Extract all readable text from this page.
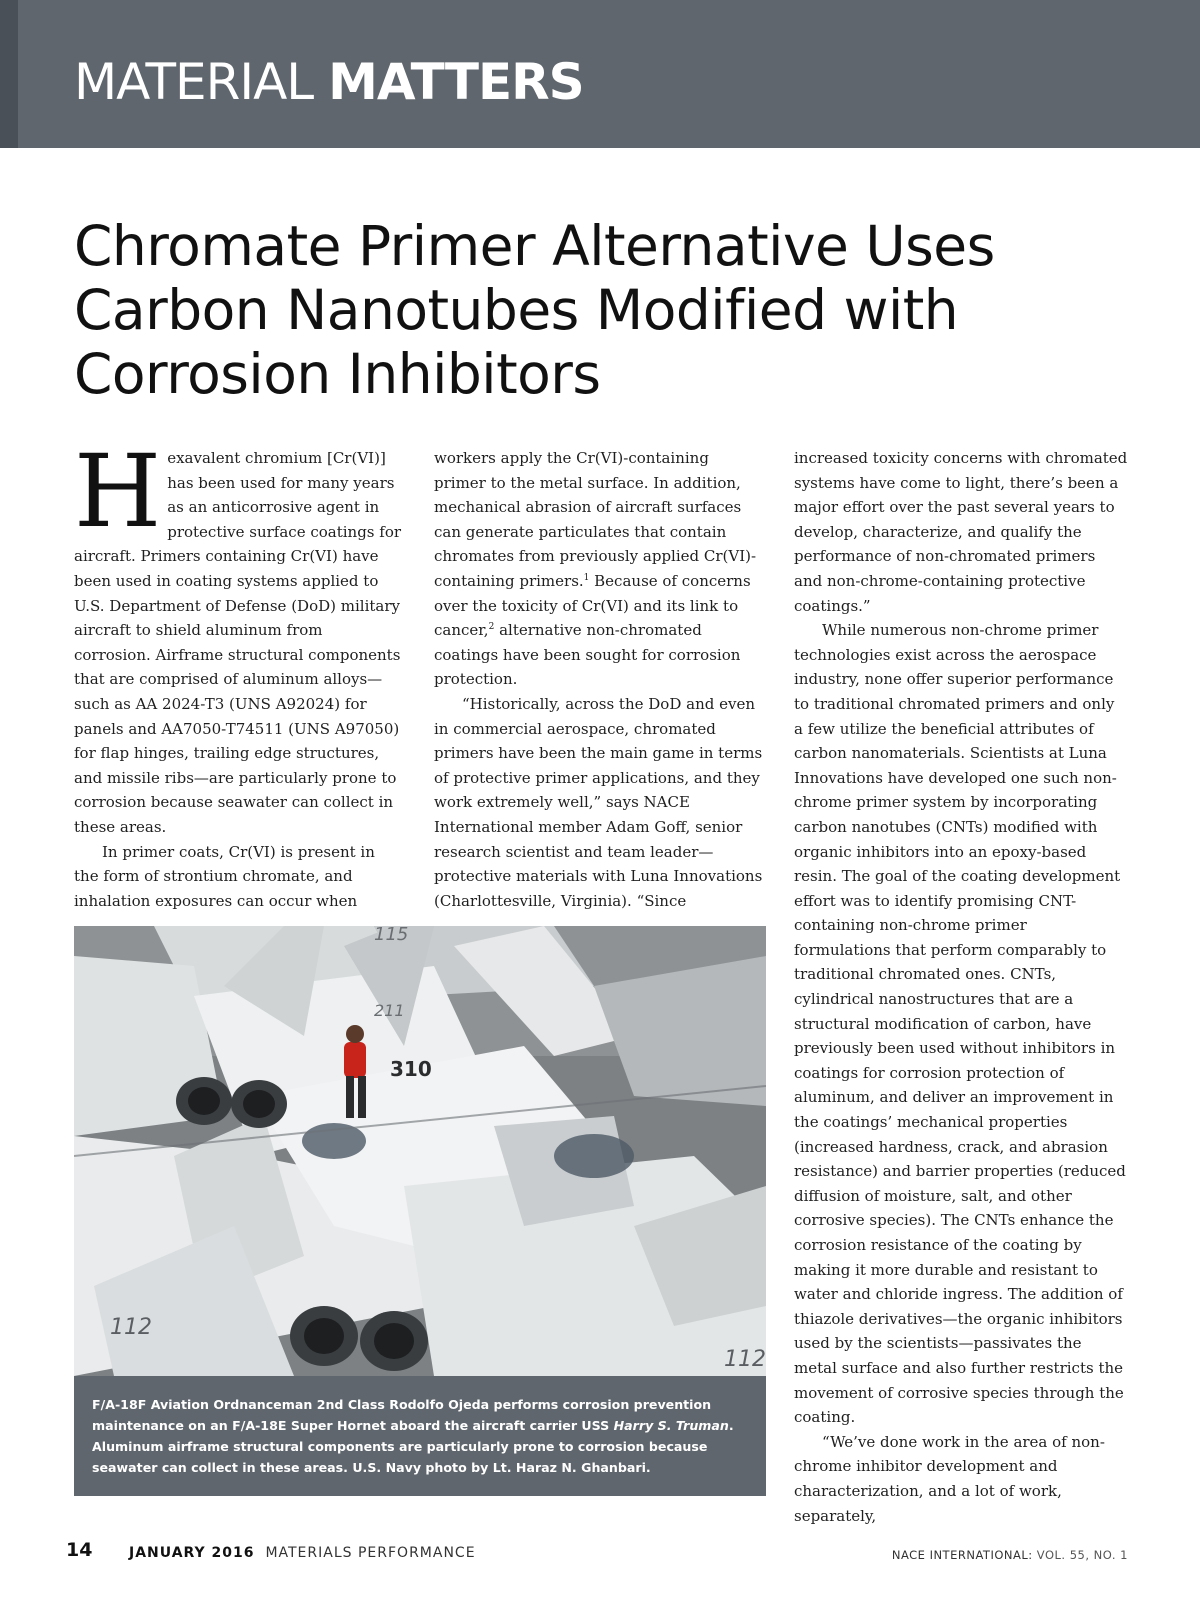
MATERIAL MATTERS
Chromate Primer Alternative Uses Carbon Nanotubes Modified with Corrosion Inhibitors

Hexavalent chromium [Cr(VI)] has been used for many years as an anticorrosive agent in protective surface coatings for aircraft. Primers containing Cr(VI) have been used in coating systems applied to U.S. Department of Defense (DoD) military aircraft to shield aluminum from corrosion. Airframe structural components that are comprised of aluminum alloys—such as AA 2024-T3 (UNS A92024) for panels and AA7050-T74511 (UNS A97050) for flap hinges, trailing edge structures, and missile ribs—are particularly prone to corrosion because seawater can collect in these areas.

In primer coats, Cr(VI) is present in the form of strontium chromate, and inhalation exposures can occur when

workers apply the Cr(VI)-containing primer to the metal surface. In addition, mechanical abrasion of aircraft surfaces can generate particulates that contain chromates from previously applied Cr(VI)-containing primers.$^1$ Because of concerns over the toxicity of Cr(VI) and its link to cancer,$^2$ alternative non-chromated coatings have been sought for corrosion protection.

“Historically, across the DoD and even in commercial aerospace, chromated primers have been the main game in terms of protective primer applications, and they work extremely well,” says NACE International member Adam Goff, senior research scientist and team leader—protective materials with Luna Innovations (Charlottesville, Virginia). “Since

increased toxicity concerns with chromated systems have come to light, there’s been a major effort over the past several years to develop, characterize, and qualify the performance of non-chromated primers and non-chrome-containing protective coatings.”

While numerous non-chrome primer technologies exist across the aerospace industry, none offer superior performance to traditional chromated primers and only a few utilize the beneficial attributes of carbon nanomaterials. Scientists at Luna Innovations have developed one such non-chrome primer system by incorporating carbon nanotubes (CNTs) modified with organic inhibitors into an epoxy-based resin. The goal of the coating development effort was to identify promising CNT-containing non-chrome primer formulations that perform comparably to traditional chromated ones. CNTs, cylindrical nanostructures that are a structural modification of carbon, have previously been used without inhibitors in coatings for corrosion protection of aluminum, and deliver an improvement in the coatings’ mechanical properties (increased hardness, crack, and abrasion resistance) and barrier properties (reduced diffusion of moisture, salt, and other corrosive species). The CNTs enhance the corrosion resistance of the coating by making it more durable and resistant to water and chloride ingress. The addition of thiazole derivatives—the organic inhibitors used by the scientists—passivates the metal surface and also further restricts the movement of corrosive species through the coating.

“We’ve done work in the area of non-chrome inhibitor development and characterization, and a lot of work, separately,

115
211
310
112
112
F/A-18F Aviation Ordnanceman 2nd Class Rodolfo Ojeda performs corrosion prevention maintenance on an F/A-18E Super Hornet aboard the aircraft carrier USS Harry S. Truman. Aluminum airframe structural components are particularly prone to corrosion because seawater can collect in these areas. U.S. Navy photo by Lt. Haraz N. Ghanbari.
14	JANUARY 2016 MATERIALS PERFORMANCE	NACE INTERNATIONAL: VOL. 55, NO. 1
